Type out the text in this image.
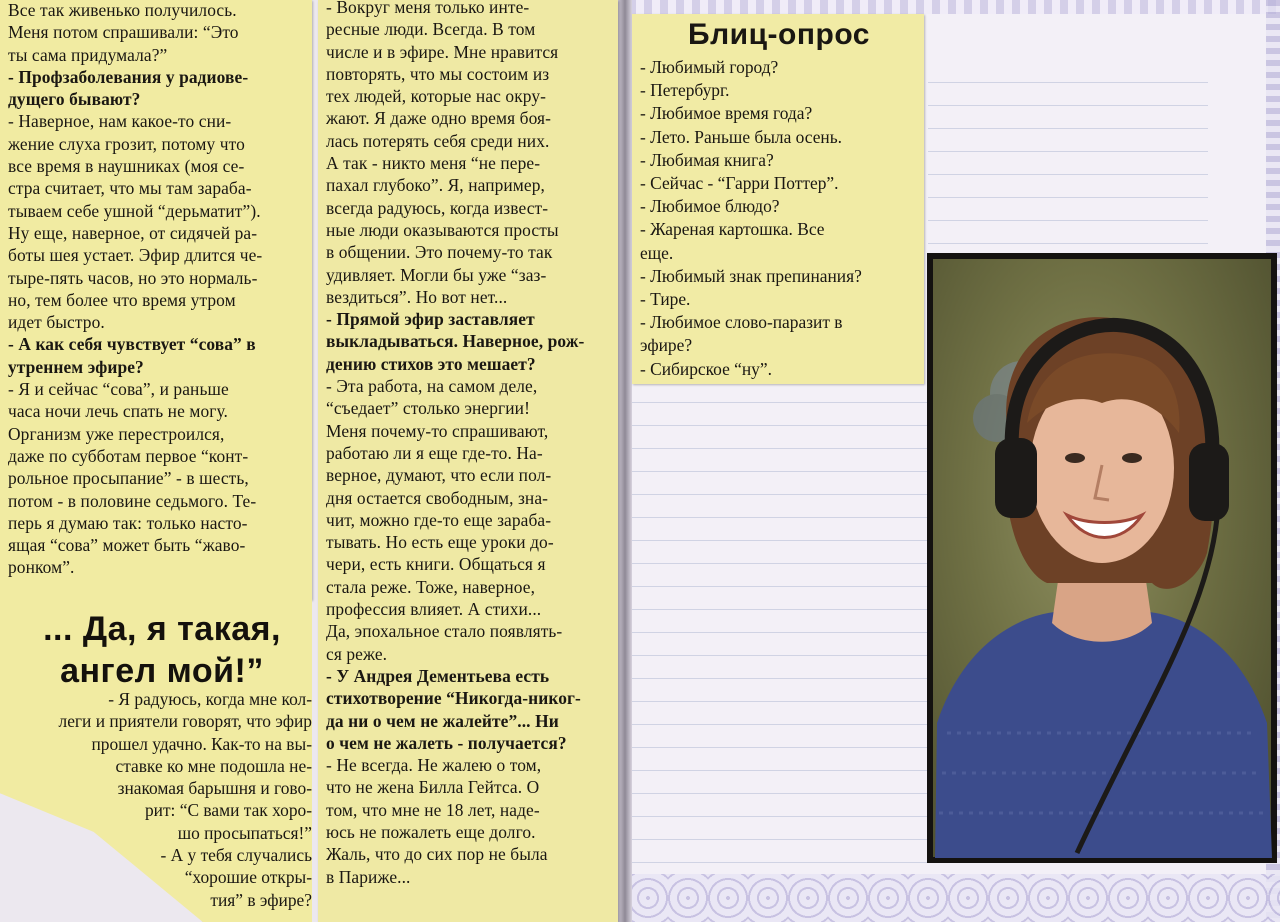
Все так живенько получилось.
Меня потом спрашивали: “Это
ты сама придумала?”
- Профзаболевания у радиове-
дущего бывают?
- Наверное, нам какое-то сни-
жение слуха грозит, потому что
все время в наушниках (моя се-
стра считает, что мы там зараба-
тываем себе ушной “дерьматит”).
Ну еще, наверное, от сидячей ра-
боты шея устает. Эфир длится че-
тыре-пять часов, но это нормаль-
но, тем более что время утром
идет быстро.
- А как себя чувствует “сова” в
утреннем эфире?
- Я и сейчас “сова”, и раньше
часа ночи лечь спать не могу.
Организм уже перестроился,
даже по субботам первое “конт-
рольное просыпание” - в шесть,
потом - в половине седьмого. Те-
перь я думаю так: только насто-
ящая “сова” может быть “жаво-
ронком”.
... Да, я такая,
ангел мой!”
- Я радуюсь, когда мне кол-
леги и приятели говорят, что эфир
прошел удачно. Как-то на вы-
ставке ко мне подошла не-
знакомая барышня и гово-
рит: “С вами так хоро-
шо просыпаться!”
- А у тебя случались
“хорошие откры-
тия” в эфире?
- Вокруг меня только инте-
ресные люди. Всегда. В том
числе и в эфире. Мне нравится
повторять, что мы состоим из
тех людей, которые нас окру-
жают. Я даже одно время боя-
лась потерять себя среди них.
А так - никто меня “не пере-
пахал глубоко”. Я, например,
всегда радуюсь, когда извест-
ные люди оказываются просты
в общении. Это почему-то так
удивляет. Могли бы уже “заз-
вездиться”. Но вот нет...
- Прямой эфир заставляет
выкладываться. Наверное, рож-
дению стихов это мешает?
- Эта работа, на самом деле,
“съедает” столько энергии!
Меня почему-то спрашивают,
работаю ли я еще где-то. На-
верное, думают, что если пол-
дня остается свободным, зна-
чит, можно где-то еще зараба-
тывать. Но есть еще уроки до-
чери, есть книги. Общаться я
стала реже. Тоже, наверное,
профессия влияет. А стихи...
Да, эпохальное стало появлять-
ся реже.
- У Андрея Дементьева есть
стихотворение “Никогда-никог-
да ни о чем не жалейте”... Ни
о чем не жалеть - получается?
- Не всегда. Не жалею о том,
что не жена Билла Гейтса. О
том, что мне не 18 лет, наде-
юсь не пожалеть еще долго.
Жаль, что до сих пор не была
в Париже...
Блиц-опрос
- Любимый город?
- Петербург.
- Любимое время года?
- Лето. Раньше была осень.
- Любимая книга?
- Сейчас - “Гарри Поттер”.
- Любимое блюдо?
- Жареная картошка. Все
еще.
- Любимый знак препинания?
- Тире.
- Любимое слово-паразит в
эфире?
- Сибирское “ну”.
